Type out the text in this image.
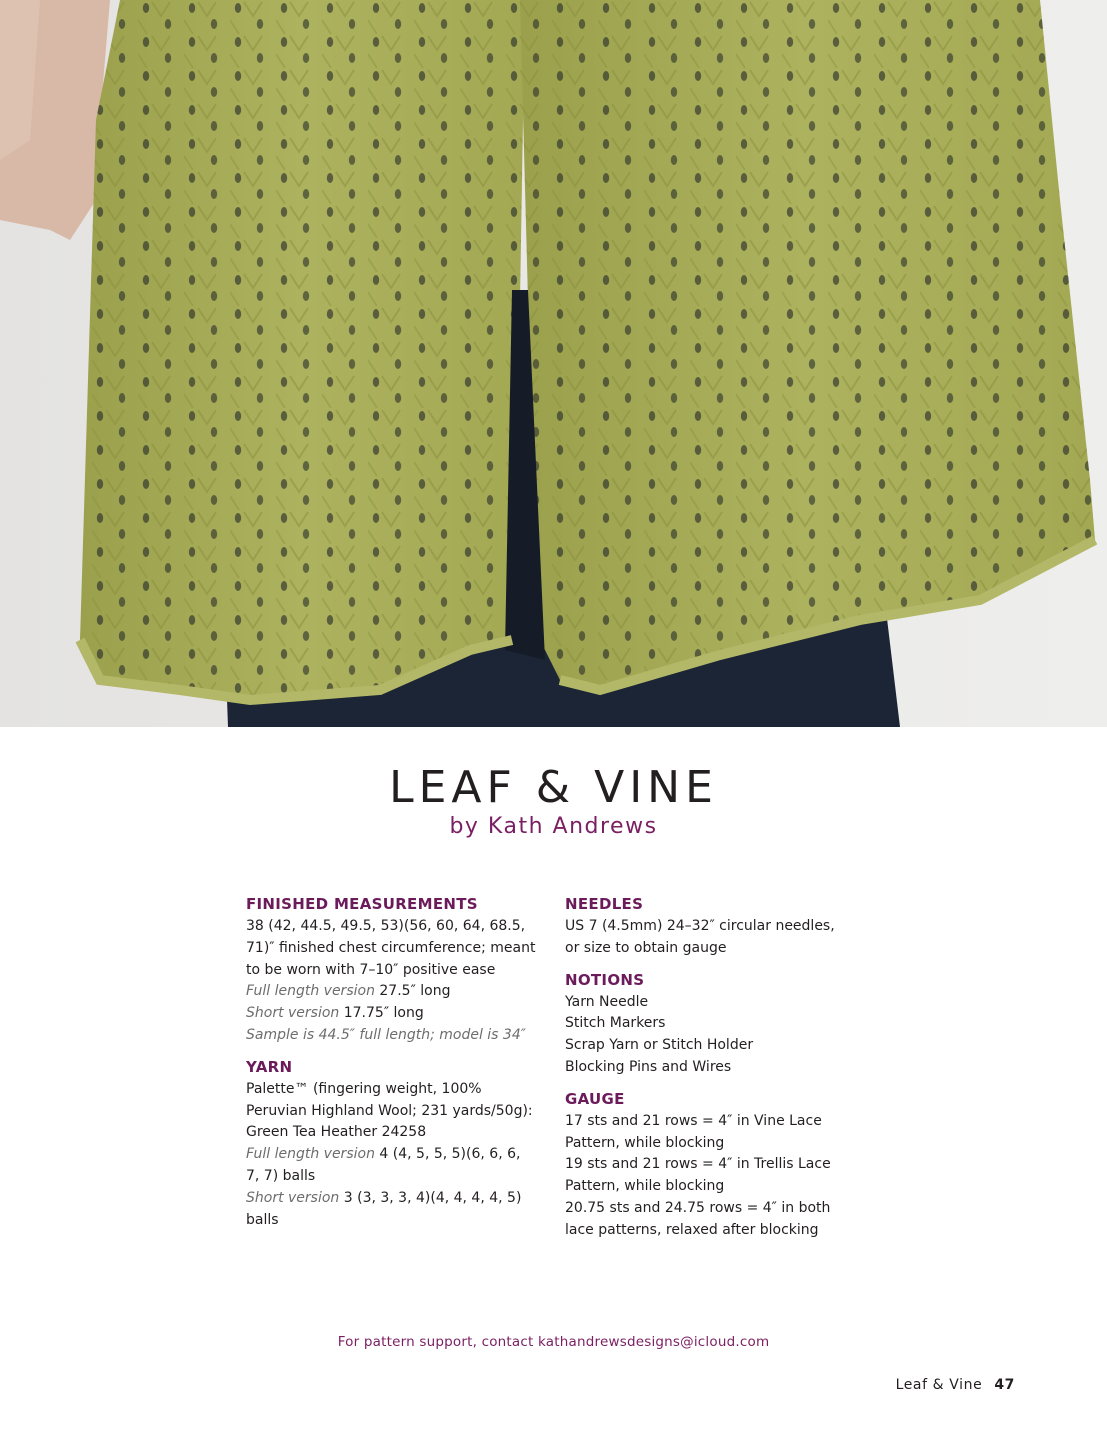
LEAF & VINE
by Kath Andrews
FINISHED MEASUREMENTS
38 (42, 44.5, 49.5, 53)(56, 60, 64, 68.5,
71)″ finished chest circumference; meant
to be worn with 7–10″ positive ease
Full length version 27.5″ long
Short version 17.75″ long
Sample is 44.5″ full length; model is 34″
YARN
Palette™ (fingering weight, 100%
Peruvian Highland Wool; 231 yards/50g):
Green Tea Heather 24258
Full length version 4 (4, 5, 5, 5)(6, 6, 6,
7, 7) balls
Short version 3 (3, 3, 3, 4)(4, 4, 4, 4, 5)
balls
NEEDLES
US 7 (4.5mm) 24–32″ circular needles,
or size to obtain gauge
NOTIONS
Yarn Needle
Stitch Markers
Scrap Yarn or Stitch Holder
Blocking Pins and Wires
GAUGE
17 sts and 21 rows = 4″ in Vine Lace
Pattern, while blocking
19 sts and 21 rows = 4″ in Trellis Lace
Pattern, while blocking
20.75 sts and 24.75 rows = 4″ in both
lace patterns, relaxed after blocking
For pattern support, contact kathandrewsdesigns@icloud.com
Leaf & Vine 47
